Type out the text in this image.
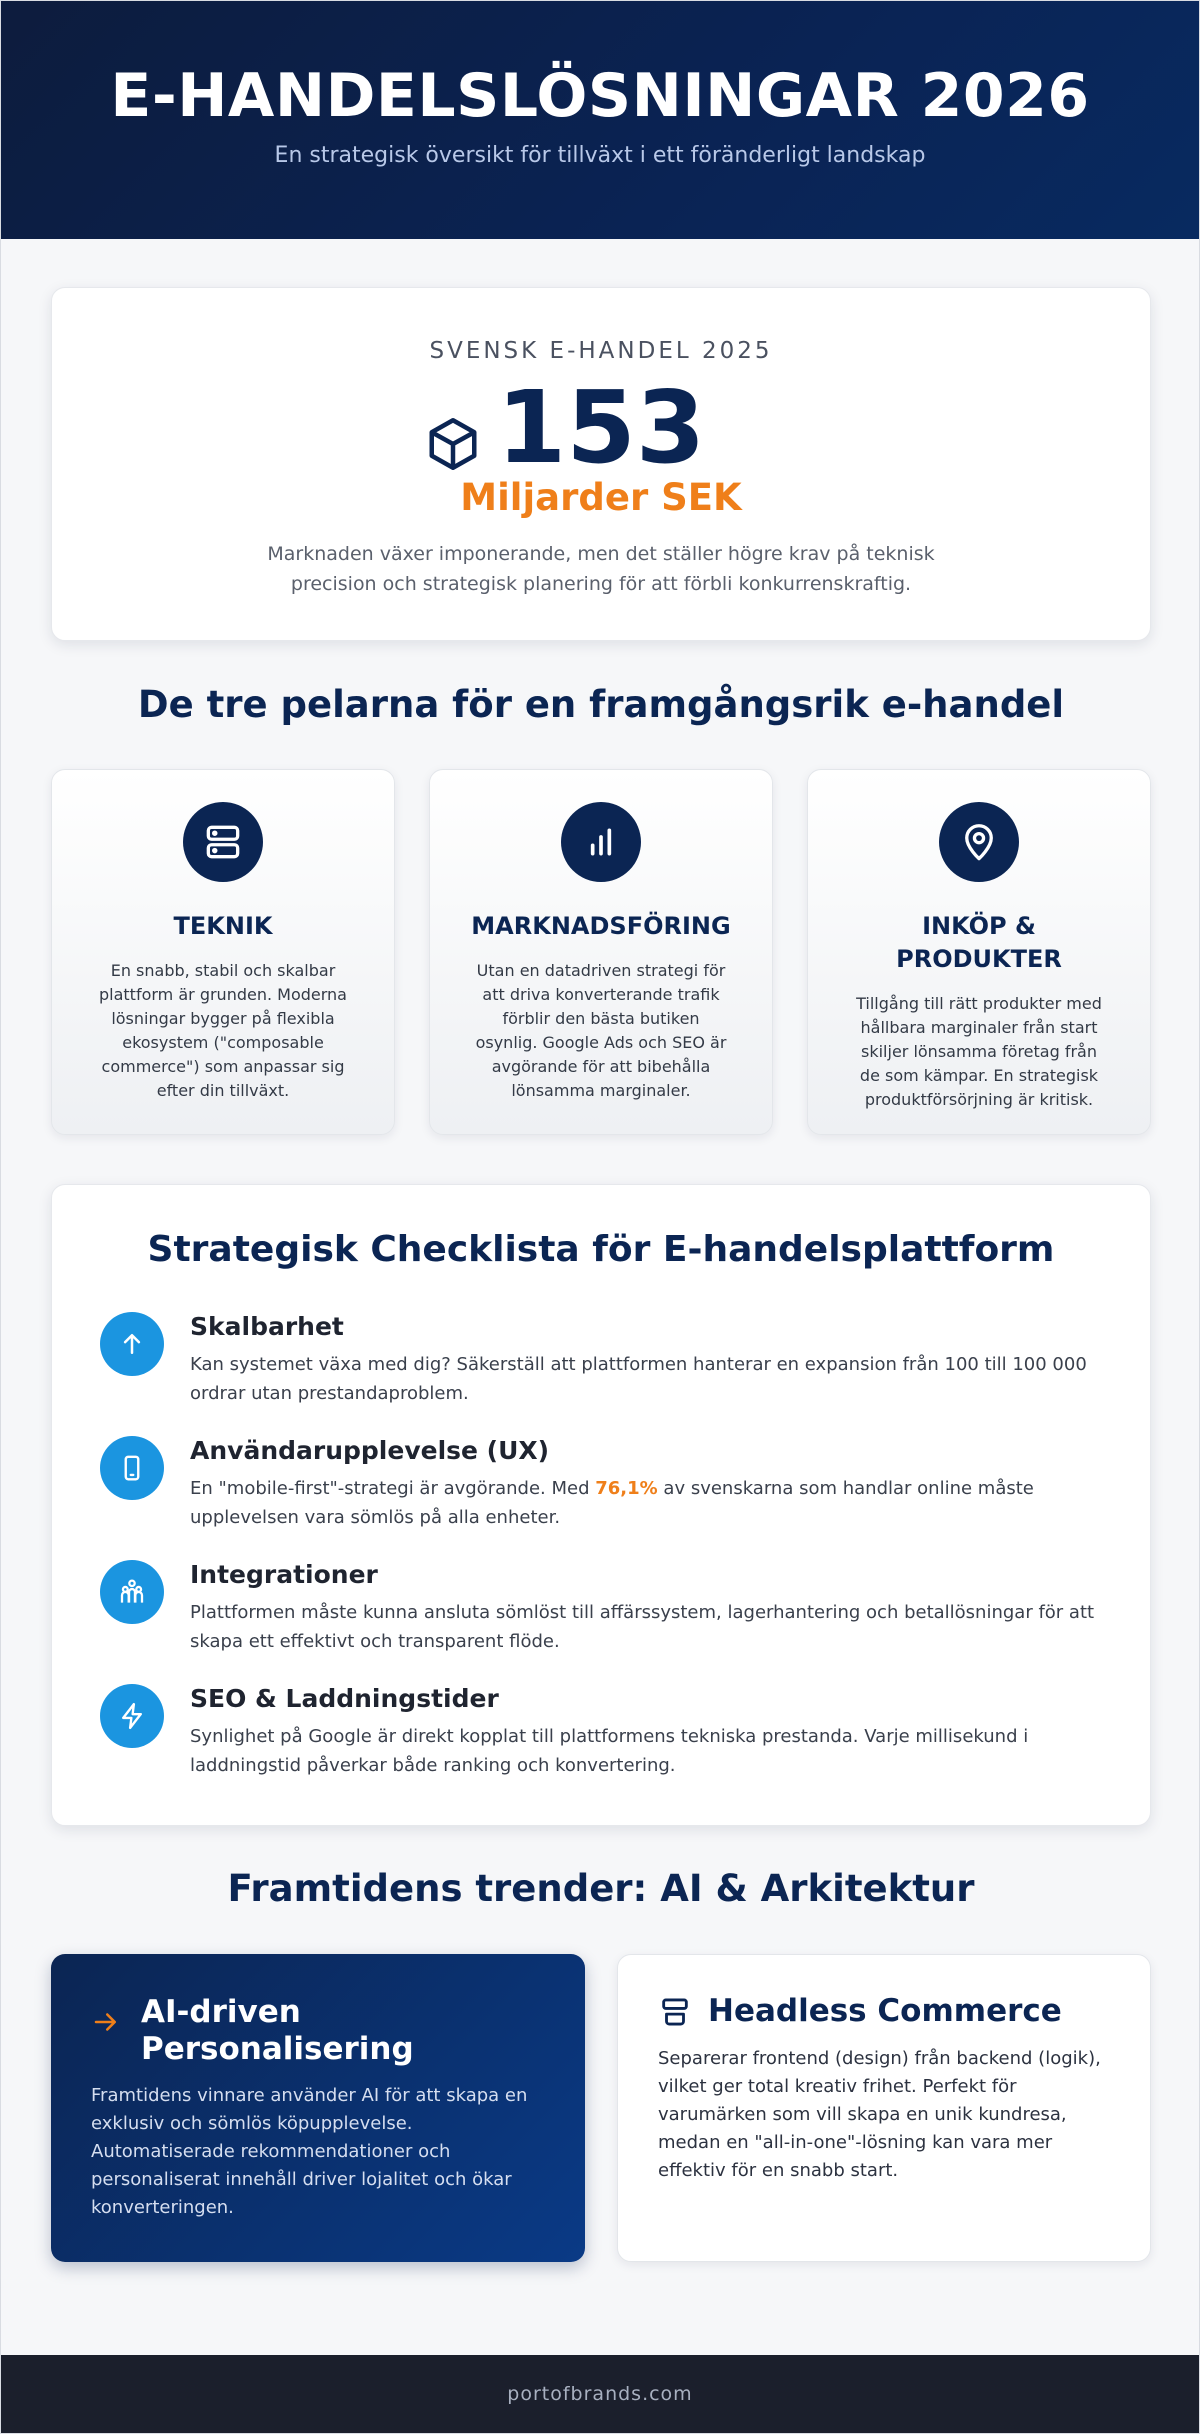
E-HANDELSLÖSNINGAR 2026

En strategisk översikt för tillväxt i ett föränderligt landskap

SVENSK E-HANDEL 2025
153
Miljarder SEK

Marknaden växer imponerande, men det ställer högre krav på teknisk precision och strategisk planering för att förbli konkurrenskraftig.

De tre pelarna för en framgångsrik e-handel
TEKNIK

En snabb, stabil och skalbar plattform är grunden. Moderna lösningar bygger på flexibla ekosystem ("composable commerce") som anpassar sig efter din tillväxt.

MARKNADSFÖRING

Utan en datadriven strategi för att driva konverterande trafik förblir den bästa butiken osynlig. Google Ads och SEO är avgörande för att bibehålla lönsamma marginaler.

INKÖP & PRODUKTER

Tillgång till rätt produkter med hållbara marginaler från start skiljer lönsamma företag från de som kämpar. En strategisk produktförsörjning är kritisk.

Strategisk Checklista för E-handelsplattform
Skalbarhet

Kan systemet växa med dig? Säkerställ att plattformen hanterar en expansion från 100 till 100 000 ordrar utan prestandaproblem.

Användarupplevelse (UX)

En "mobile-first"-strategi är avgörande. Med 76,1% av svenskarna som handlar online måste upplevelsen vara sömlös på alla enheter.

Integrationer

Plattformen måste kunna ansluta sömlöst till affärssystem, lagerhantering och betallösningar för att skapa ett effektivt och transparent flöde.

SEO & Laddningstider

Synlighet på Google är direkt kopplat till plattformens tekniska prestanda. Varje millisekund i laddningstid påverkar både ranking och konvertering.

Framtidens trender: AI & Arkitektur
AI-driven Personalisering

Framtidens vinnare använder AI för att skapa en exklusiv och sömlös köpupplevelse. Automatiserade rekommendationer och personaliserat innehåll driver lojalitet och ökar konverteringen.

Headless Commerce

Separerar frontend (design) från backend (logik), vilket ger total kreativ frihet. Perfekt för varumärken som vill skapa en unik kundresa, medan en "all-in-one"-lösning kan vara mer effektiv för en snabb start.

portofbrands.com
